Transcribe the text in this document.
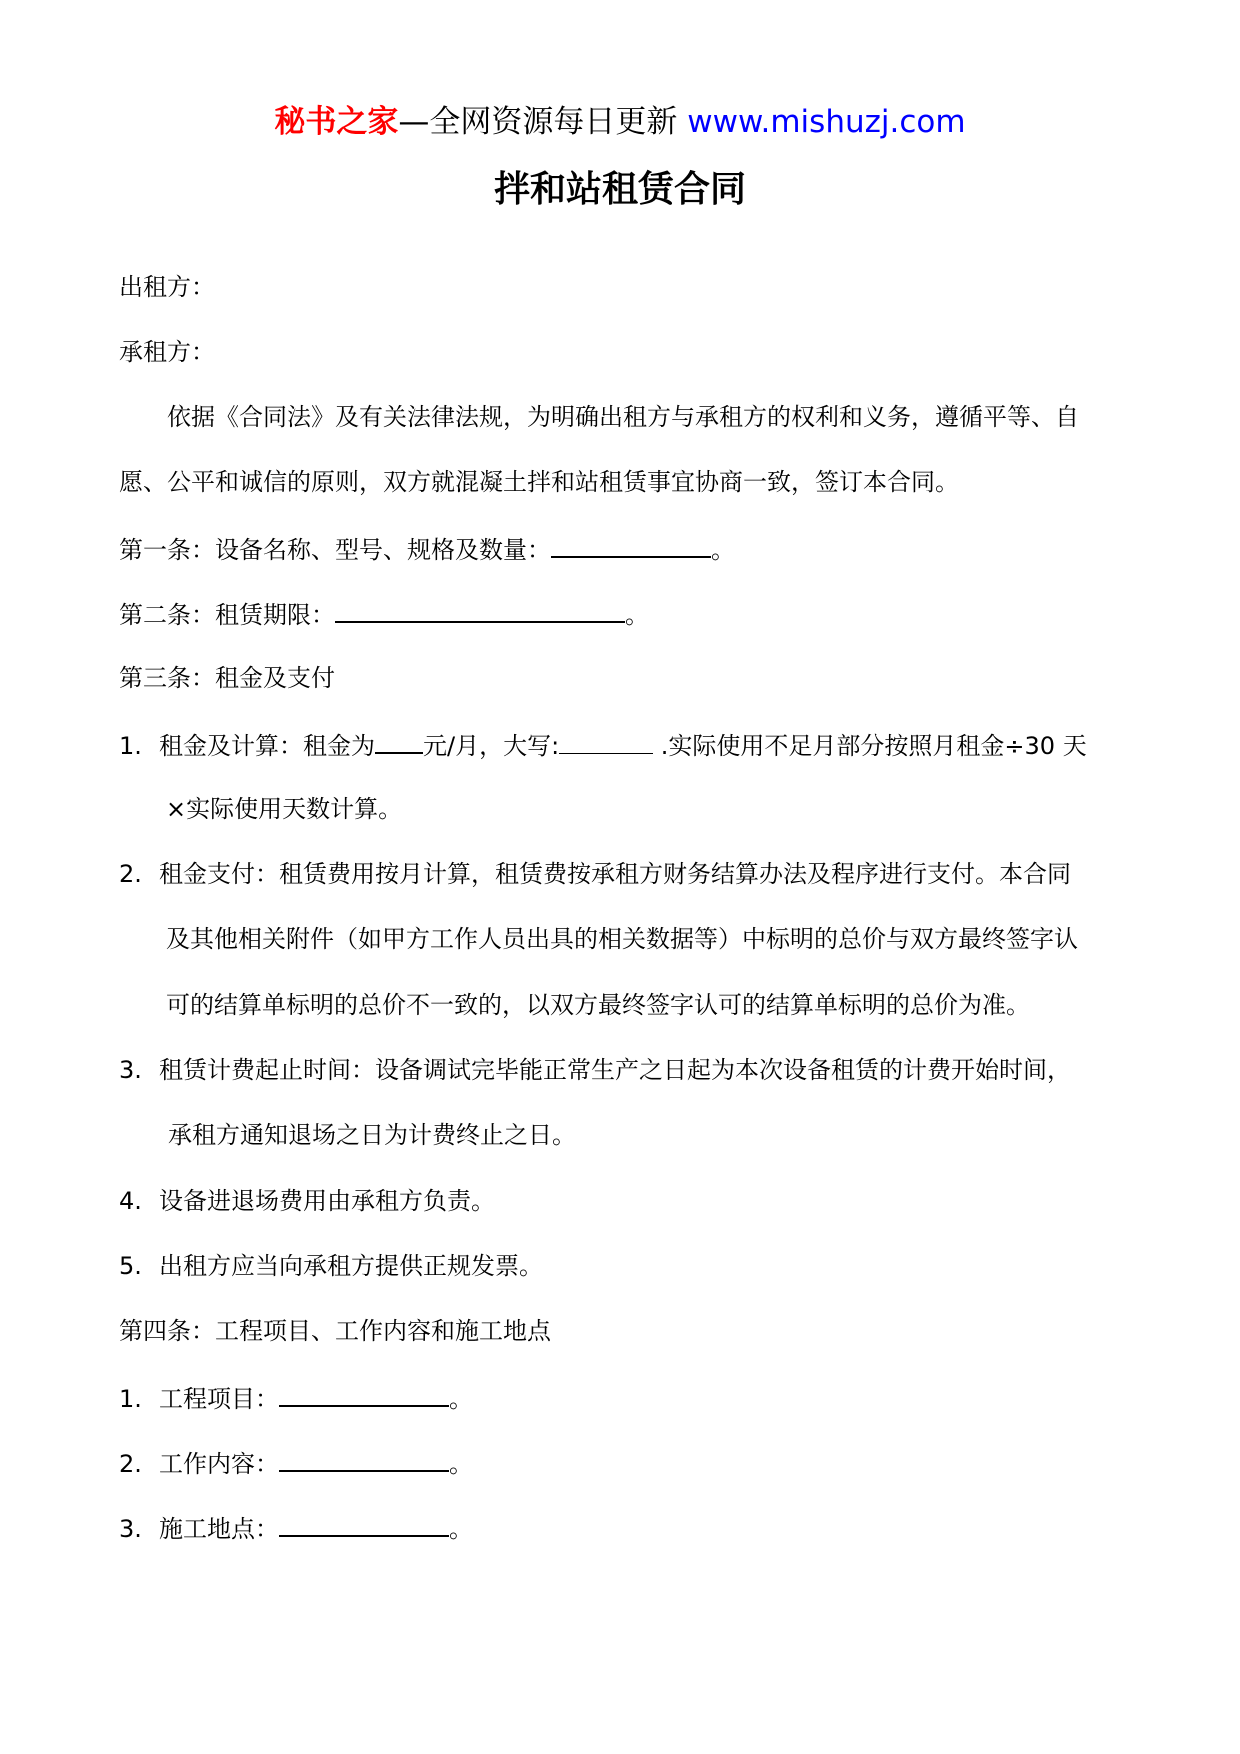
秘书之家—全网资源每日更新 www.mishuzj.com
拌和站租赁合同
出租方：
承租方：
依据《合同法》及有关法律法规，为明确出租方与承租方的权利和义务，遵循平等、自
愿、公平和诚信的原则，双方就混凝土拌和站租赁事宜协商一致，签订本合同。
第一条：设备名称、型号、规格及数量：	。
第二条：租赁期限：	。
第三条：租金及支付
1. 租金及计算：租金为 元/月，大写:	.实际使用不足月部分按照月租金÷30 天
×实际使用天数计算。
2. 租金支付：租赁费用按月计算，租赁费按承租方财务结算办法及程序进行支付。本合同
及其他相关附件（如甲方工作人员出具的相关数据等）中标明的总价与双方最终签字认
可的结算单标明的总价不一致的，以双方最终签字认可的结算单标明的总价为准。
3. 租赁计费起止时间：设备调试完毕能正常生产之日起为本次设备租赁的计费开始时间，
承租方通知退场之日为计费终止之日。
4. 设备进退场费用由承租方负责。
5. 出租方应当向承租方提供正规发票。
第四条：工程项目、工作内容和施工地点
1. 工程项目：	。
2. 工作内容：	。
3. 施工地点：	。
